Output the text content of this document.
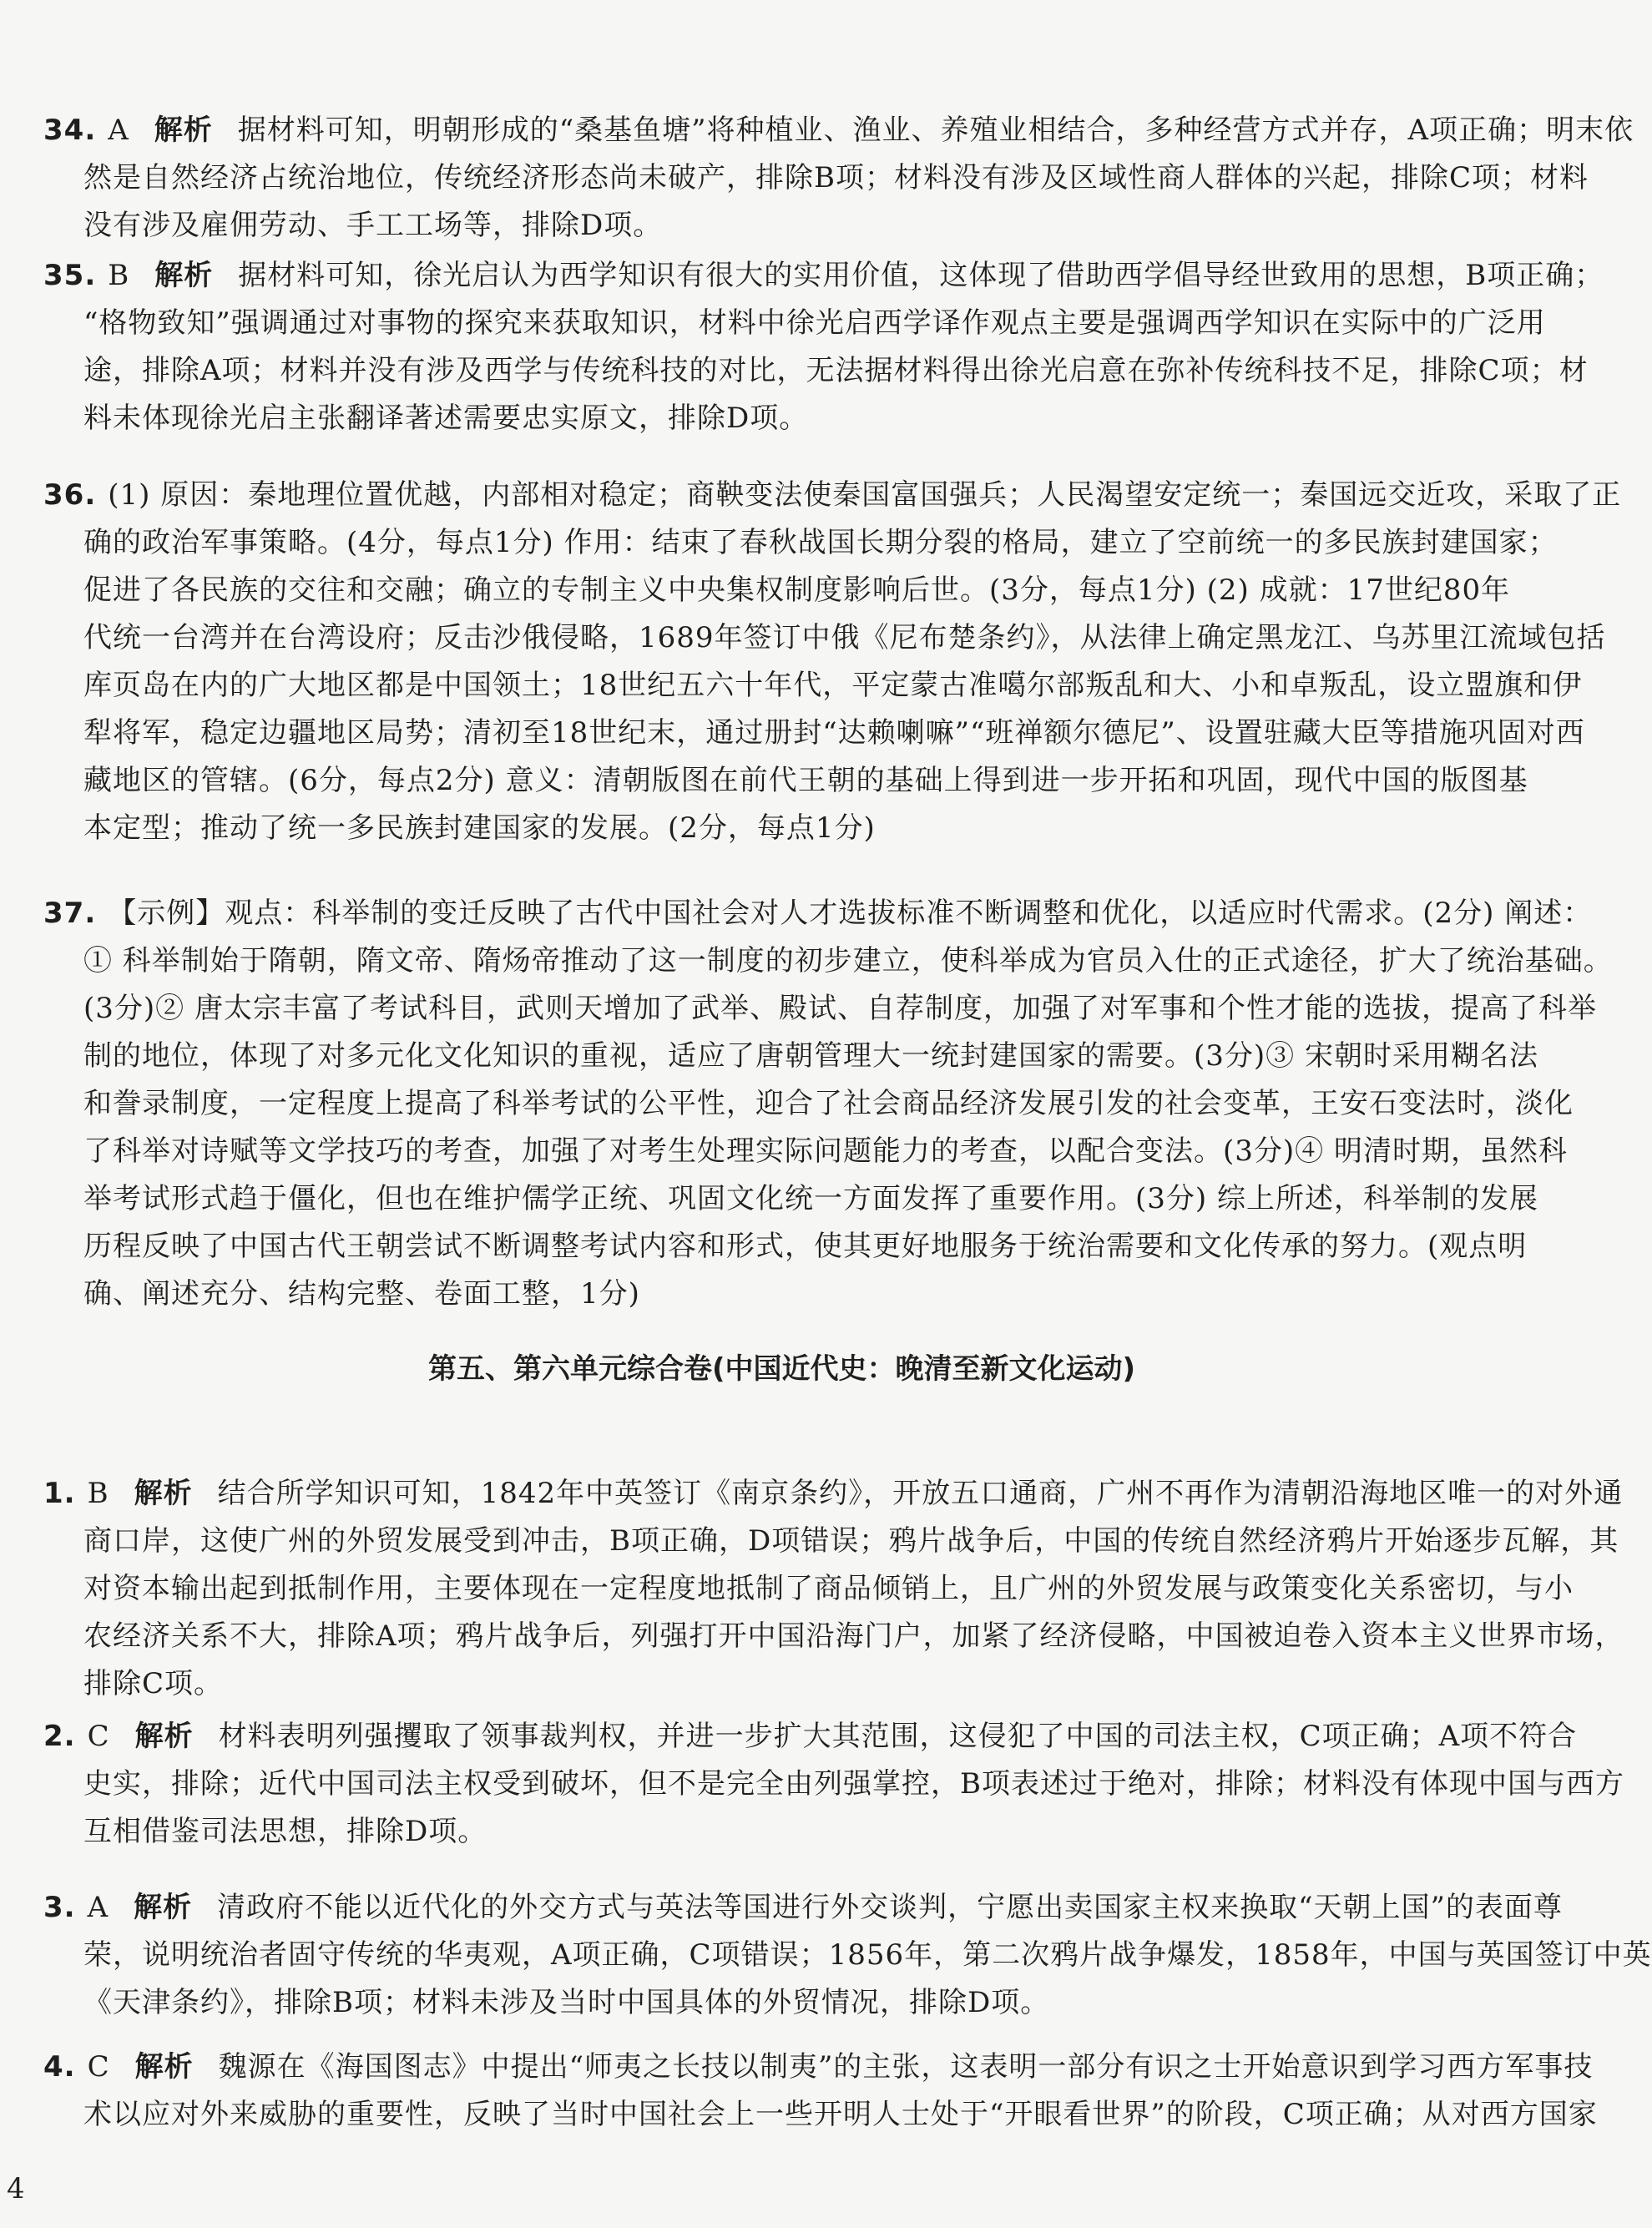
34. A 解析 据材料可知，明朝形成的“桑基鱼塘”将种植业、渔业、养殖业相结合，多种经营方式并存，A项正确；明末依
然是自然经济占统治地位，传统经济形态尚未破产，排除B项；材料没有涉及区域性商人群体的兴起，排除C项；材料
没有涉及雇佣劳动、手工工场等，排除D项。
35. B 解析 据材料可知，徐光启认为西学知识有很大的实用价值，这体现了借助西学倡导经世致用的思想，B项正确；
“格物致知”强调通过对事物的探究来获取知识，材料中徐光启西学译作观点主要是强调西学知识在实际中的广泛用
途，排除A项；材料并没有涉及西学与传统科技的对比，无法据材料得出徐光启意在弥补传统科技不足，排除C项；材
料未体现徐光启主张翻译著述需要忠实原文，排除D项。
36. (1) 原因：秦地理位置优越，内部相对稳定；商鞅变法使秦国富国强兵；人民渴望安定统一；秦国远交近攻，采取了正
确的政治军事策略。(4分，每点1分) 作用：结束了春秋战国长期分裂的格局，建立了空前统一的多民族封建国家；
促进了各民族的交往和交融；确立的专制主义中央集权制度影响后世。(3分，每点1分) (2) 成就：17世纪80年
代统一台湾并在台湾设府；反击沙俄侵略，1689年签订中俄《尼布楚条约》，从法律上确定黑龙江、乌苏里江流域包括
库页岛在内的广大地区都是中国领土；18世纪五六十年代，平定蒙古准噶尔部叛乱和大、小和卓叛乱，设立盟旗和伊
犁将军，稳定边疆地区局势；清初至18世纪末，通过册封“达赖喇嘛”“班禅额尔德尼”、设置驻藏大臣等措施巩固对西
藏地区的管辖。(6分，每点2分) 意义：清朝版图在前代王朝的基础上得到进一步开拓和巩固，现代中国的版图基
本定型；推动了统一多民族封建国家的发展。(2分，每点1分)
37. 【示例】观点：科举制的变迁反映了古代中国社会对人才选拔标准不断调整和优化，以适应时代需求。(2分) 阐述：
① 科举制始于隋朝，隋文帝、隋炀帝推动了这一制度的初步建立，使科举成为官员入仕的正式途径，扩大了统治基础。
(3分)② 唐太宗丰富了考试科目，武则天增加了武举、殿试、自荐制度，加强了对军事和个性才能的选拔，提高了科举
制的地位，体现了对多元化文化知识的重视，适应了唐朝管理大一统封建国家的需要。(3分)③ 宋朝时采用糊名法
和誊录制度，一定程度上提高了科举考试的公平性，迎合了社会商品经济发展引发的社会变革，王安石变法时，淡化
了科举对诗赋等文学技巧的考查，加强了对考生处理实际问题能力的考查，以配合变法。(3分)④ 明清时期，虽然科
举考试形式趋于僵化，但也在维护儒学正统、巩固文化统一方面发挥了重要作用。(3分) 综上所述，科举制的发展
历程反映了中国古代王朝尝试不断调整考试内容和形式，使其更好地服务于统治需要和文化传承的努力。(观点明
确、阐述充分、结构完整、卷面工整，1分)
第五、第六单元综合卷(中国近代史：晚清至新文化运动)
1. B 解析 结合所学知识可知，1842年中英签订《南京条约》，开放五口通商，广州不再作为清朝沿海地区唯一的对外通
商口岸，这使广州的外贸发展受到冲击，B项正确，D项错误；鸦片战争后，中国的传统自然经济鸦片开始逐步瓦解，其
对资本输出起到抵制作用，主要体现在一定程度地抵制了商品倾销上，且广州的外贸发展与政策变化关系密切，与小
农经济关系不大，排除A项；鸦片战争后，列强打开中国沿海门户，加紧了经济侵略，中国被迫卷入资本主义世界市场，
排除C项。
2. C 解析 材料表明列强攫取了领事裁判权，并进一步扩大其范围，这侵犯了中国的司法主权，C项正确；A项不符合
史实，排除；近代中国司法主权受到破坏，但不是完全由列强掌控，B项表述过于绝对，排除；材料没有体现中国与西方
互相借鉴司法思想，排除D项。
3. A 解析 清政府不能以近代化的外交方式与英法等国进行外交谈判，宁愿出卖国家主权来换取“天朝上国”的表面尊
荣，说明统治者固守传统的华夷观，A项正确，C项错误；1856年，第二次鸦片战争爆发，1858年，中国与英国签订中英
《天津条约》，排除B项；材料未涉及当时中国具体的外贸情况，排除D项。
4. C 解析 魏源在《海国图志》中提出“师夷之长技以制夷”的主张，这表明一部分有识之士开始意识到学习西方军事技
术以应对外来威胁的重要性，反映了当时中国社会上一些开明人士处于“开眼看世界”的阶段，C项正确；从对西方国家
4
